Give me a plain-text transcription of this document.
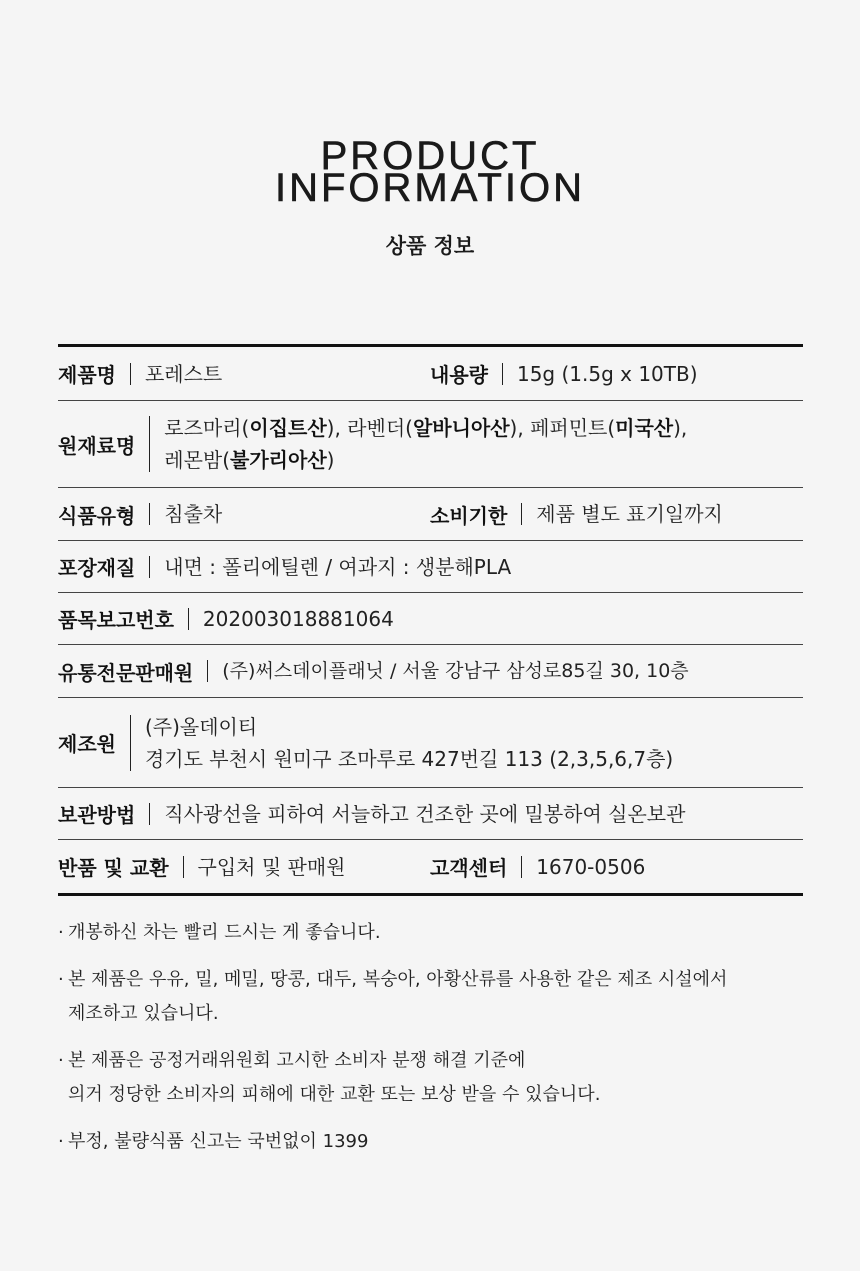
PRODUCT
INFORMATION
상품 정보
제품명 포레스트	내용량 15g (1.5g x 10TB)
원재료명
로즈마리(이집트산), 라벤더(알바니아산), 페퍼민트(미국산),
레몬밤(불가리아산)
식품유형 침출차	소비기한 제품 별도 표기일까지
포장재질 내면 : 폴리에틸렌 / 여과지 : 생분해PLA
품목보고번호 202003018881064
유통전문판매원 (주)써스데이플래닛 / 서울 강남구 삼성로85길 30, 10층
제조원
(주)올데이티
경기도 부천시 원미구 조마루로 427번길 113 (2,3,5,6,7층)
보관방법 직사광선을 피하여 서늘하고 건조한 곳에 밀봉하여 실온보관
반품 및 교환 구입처 및 판매원	고객센터 1670-0506
· 개봉하신 차는 빨리 드시는 게 좋습니다.
· 본 제품은 우유, 밀, 메밀, 땅콩, 대두, 복숭아, 아황산류를 사용한 같은 제조 시설에서
제조하고 있습니다.
· 본 제품은 공정거래위원회 고시한 소비자 분쟁 해결 기준에
의거 정당한 소비자의 피해에 대한 교환 또는 보상 받을 수 있습니다.
· 부정, 불량식품 신고는 국번없이 1399
